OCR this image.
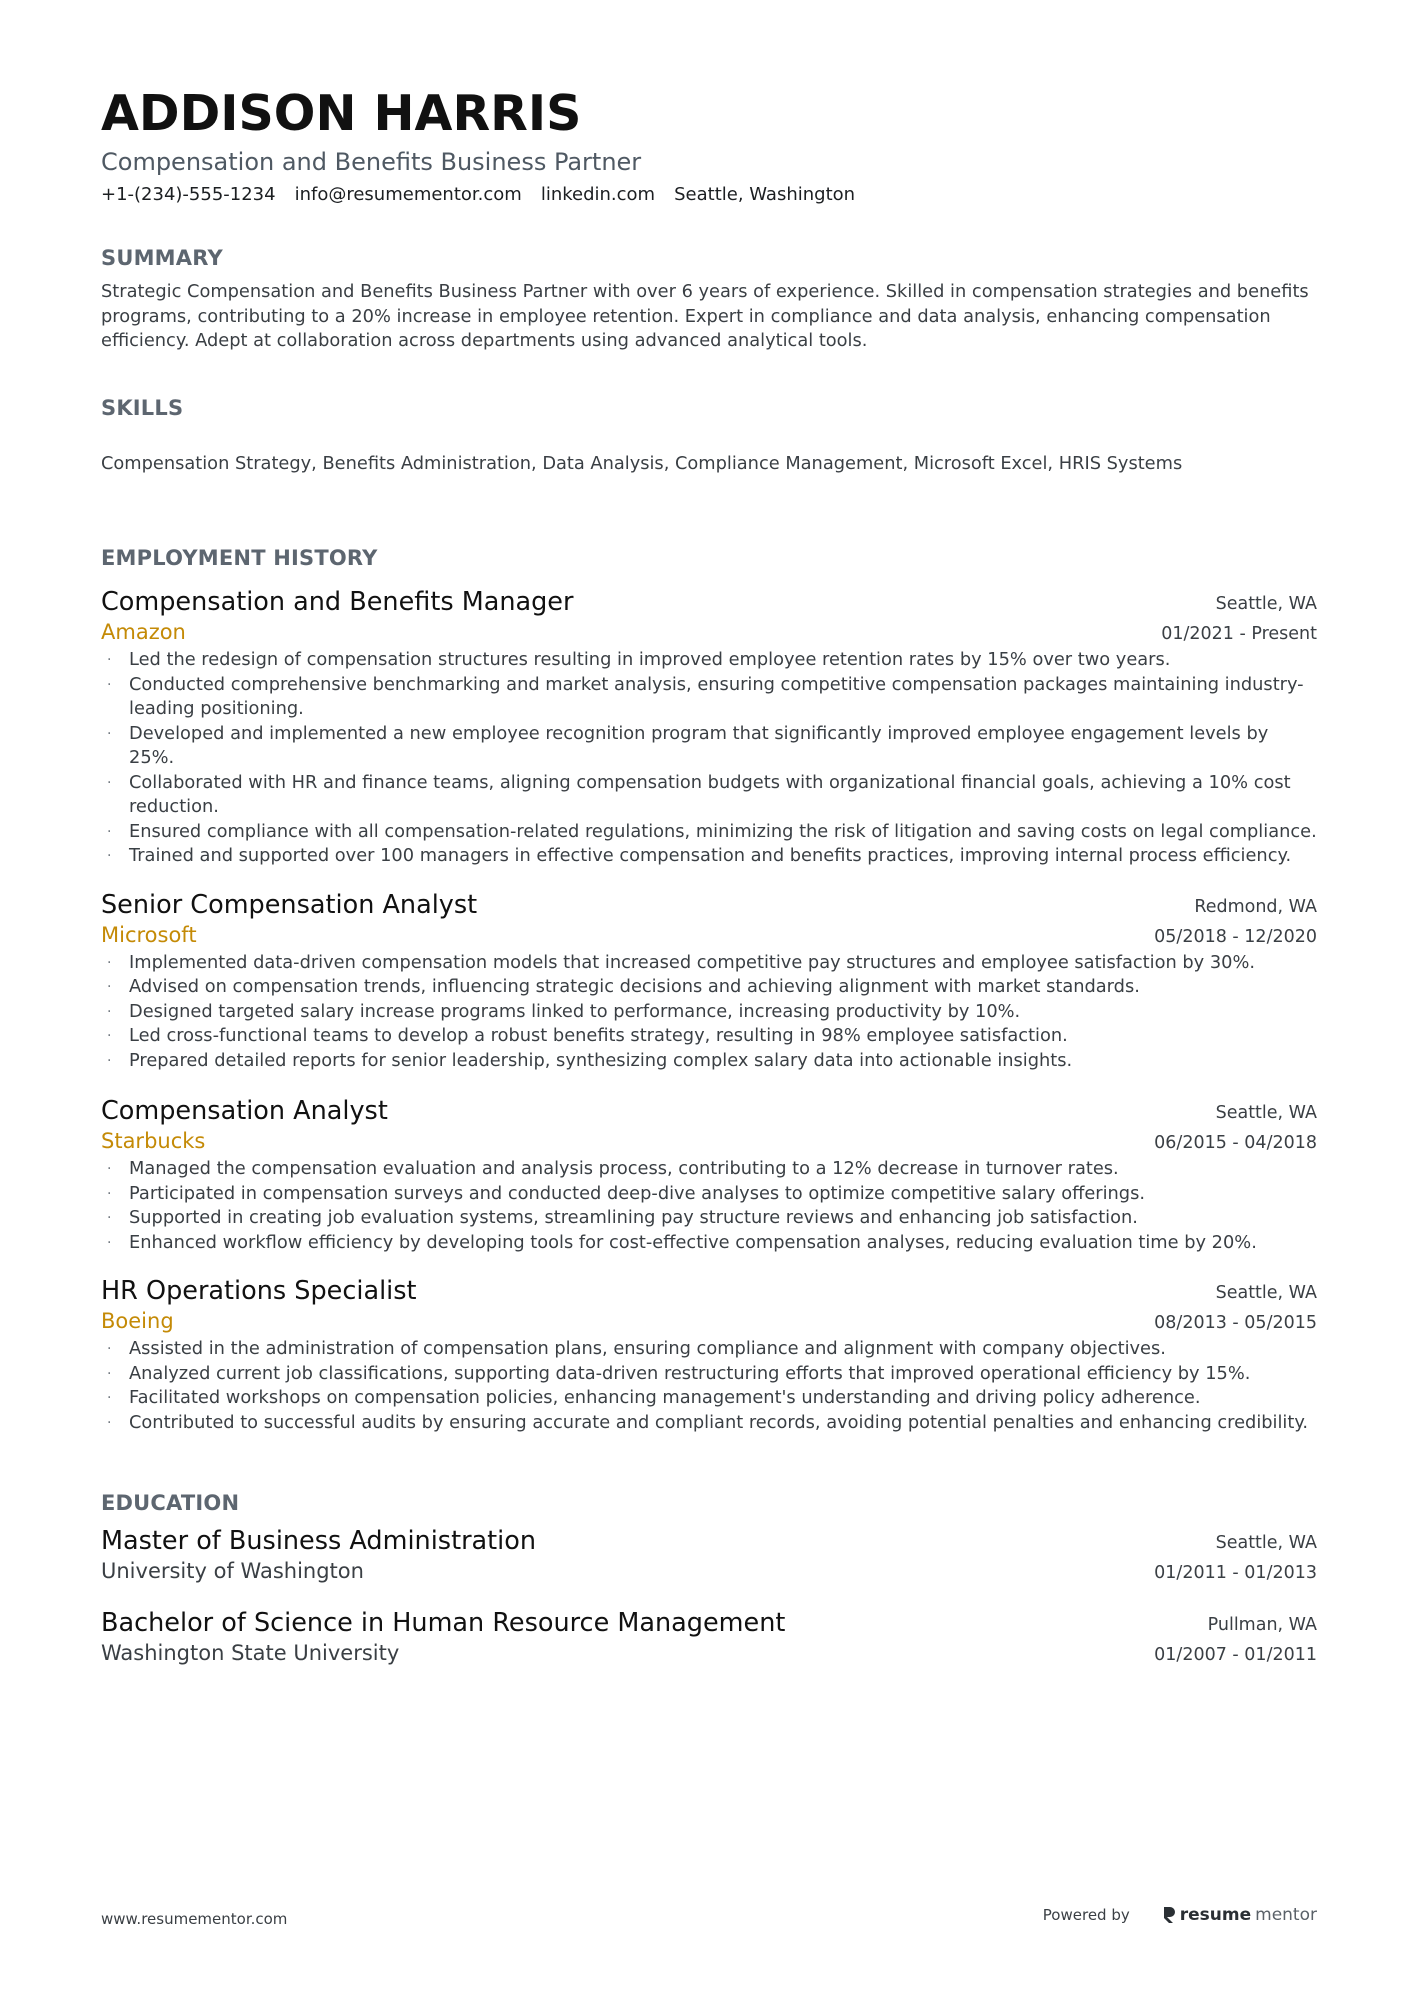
ADDISON HARRIS
Compensation and Benefits Business Partner
+1-(234)-555-1234 info@resumementor.com linkedin.com Seattle, Washington
SUMMARY
Strategic Compensation and Benefits Business Partner with over 6 years of experience. Skilled in compensation strategies and benefits programs, contributing to a 20% increase in employee retention. Expert in compliance and data analysis, enhancing compensation efficiency. Adept at collaboration across departments using advanced analytical tools.
SKILLS
Compensation Strategy, Benefits Administration, Data Analysis, Compliance Management, Microsoft Excel, HRIS Systems
EMPLOYMENT HISTORY
Compensation and Benefits Manager
Amazon
Seattle, WA
01/2021 - Present
· Led the redesign of compensation structures resulting in improved employee retention rates by 15% over two years.
· Conducted comprehensive benchmarking and market analysis, ensuring competitive compensation packages maintaining industry-leading positioning.
· Developed and implemented a new employee recognition program that significantly improved employee engagement levels by 25%.
· Collaborated with HR and finance teams, aligning compensation budgets with organizational financial goals, achieving a 10% cost reduction.
· Ensured compliance with all compensation-related regulations, minimizing the risk of litigation and saving costs on legal compliance.
· Trained and supported over 100 managers in effective compensation and benefits practices, improving internal process efficiency.
Senior Compensation Analyst
Microsoft
Redmond, WA
05/2018 - 12/2020
· Implemented data-driven compensation models that increased competitive pay structures and employee satisfaction by 30%.
· Advised on compensation trends, influencing strategic decisions and achieving alignment with market standards.
· Designed targeted salary increase programs linked to performance, increasing productivity by 10%.
· Led cross-functional teams to develop a robust benefits strategy, resulting in 98% employee satisfaction.
· Prepared detailed reports for senior leadership, synthesizing complex salary data into actionable insights.
Compensation Analyst
Starbucks
Seattle, WA
06/2015 - 04/2018
· Managed the compensation evaluation and analysis process, contributing to a 12% decrease in turnover rates.
· Participated in compensation surveys and conducted deep-dive analyses to optimize competitive salary offerings.
· Supported in creating job evaluation systems, streamlining pay structure reviews and enhancing job satisfaction.
· Enhanced workflow efficiency by developing tools for cost-effective compensation analyses, reducing evaluation time by 20%.
HR Operations Specialist
Boeing
Seattle, WA
08/2013 - 05/2015
· Assisted in the administration of compensation plans, ensuring compliance and alignment with company objectives.
· Analyzed current job classifications, supporting data-driven restructuring efforts that improved operational efficiency by 15%.
· Facilitated workshops on compensation policies, enhancing management's understanding and driving policy adherence.
· Contributed to successful audits by ensuring accurate and compliant records, avoiding potential penalties and enhancing credibility.
EDUCATION
Master of Business Administration
University of Washington
Seattle, WA
01/2011 - 01/2013
Bachelor of Science in Human Resource Management
Washington State University
Pullman, WA
01/2007 - 01/2011
www.resumementor.com	Powered by	resume mentor
